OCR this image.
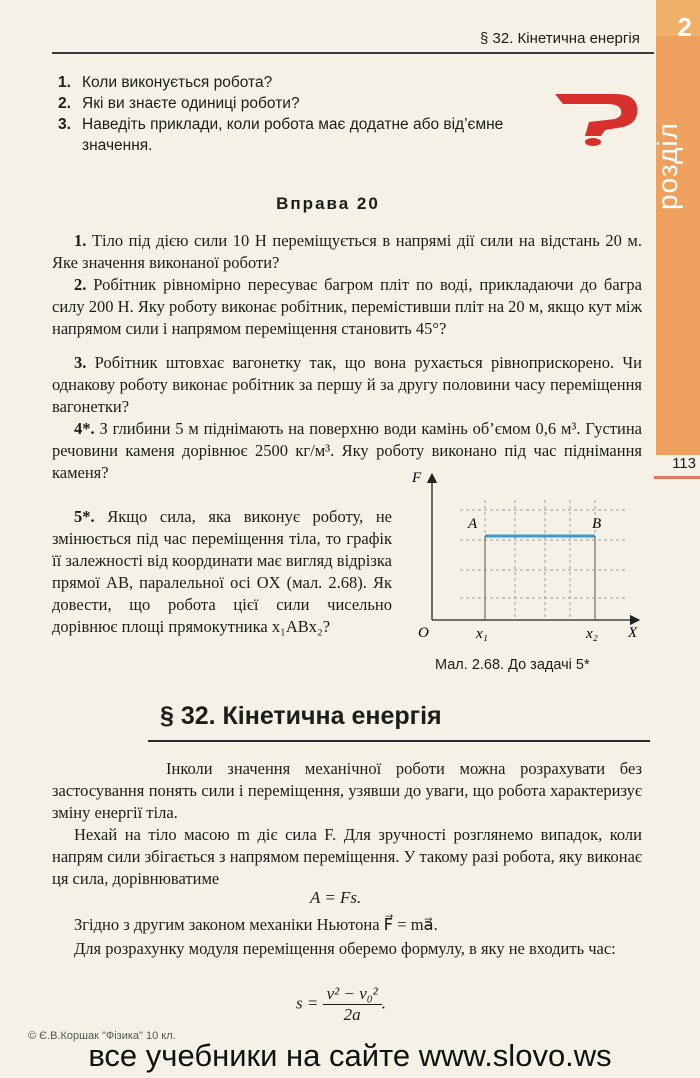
§ 32. Кінетична енергія 2
розділ
113
1. Коли виконується робота?
2. Які ви знаєте одиниці роботи?
3. Наведіть приклади, коли робота має додатне або від’ємне значення.
Вправа 20
1. Тіло під дією сили 10 Н переміщується в напрямі дії сили на відстань 20 м. Яке значення виконаної роботи?
2. Робітник рівномірно пересуває багром пліт по воді, прикладаючи до багра силу 200 Н. Яку роботу виконає робітник, перемістивши пліт на 20 м, якщо кут між напрямом сили і напрямом переміщення становить 45°?
3. Робітник штовхає вагонетку так, що вона рухається рівноприскорено. Чи однакову роботу виконає робітник за першу й за другу половини часу переміщення вагонетки?
4*. З глибини 5 м піднімають на поверхню води камінь об’ємом 0,6 м³. Густина речовини каменя дорівнює 2500 кг/м³. Яку роботу виконано під час піднімання каменя?
5*. Якщо сила, яка виконує роботу, не змінюється під час переміщення тіла, то графік її залежності від координати має вигляд відрізка прямої AB, паралельної осі OX (мал. 2.68). Як довести, що робота цієї сили чисельно дорівнює площі прямокутника x₁ABx₂?
F
X
O
A	B
x₁	x₂
Мал. 2.68. До задачі 5*
§ 32. Кінетична енергія
Інколи значення механічної роботи можна розрахувати без застосування понять сили і переміщення, узявши до уваги, що робота характеризує зміну енергії тіла.
Нехай на тіло масою m діє сила F. Для зручності розглянемо випадок, коли напрям сили збігається з напрямом переміщення. У такому разі робота, яку виконає ця сила, дорівнюватиме
A = Fs.
Згідно з другим законом механіки Ньютона F⃗ = ma⃗.
Для розрахунку модуля переміщення оберемо формулу, в яку не входить час:
$s = \frac{\text{v² − v₀²}}{2a}$ .
© Є.В.Коршак "Фізика" 10 кл.
все учебники на сайте www.slovo.ws
